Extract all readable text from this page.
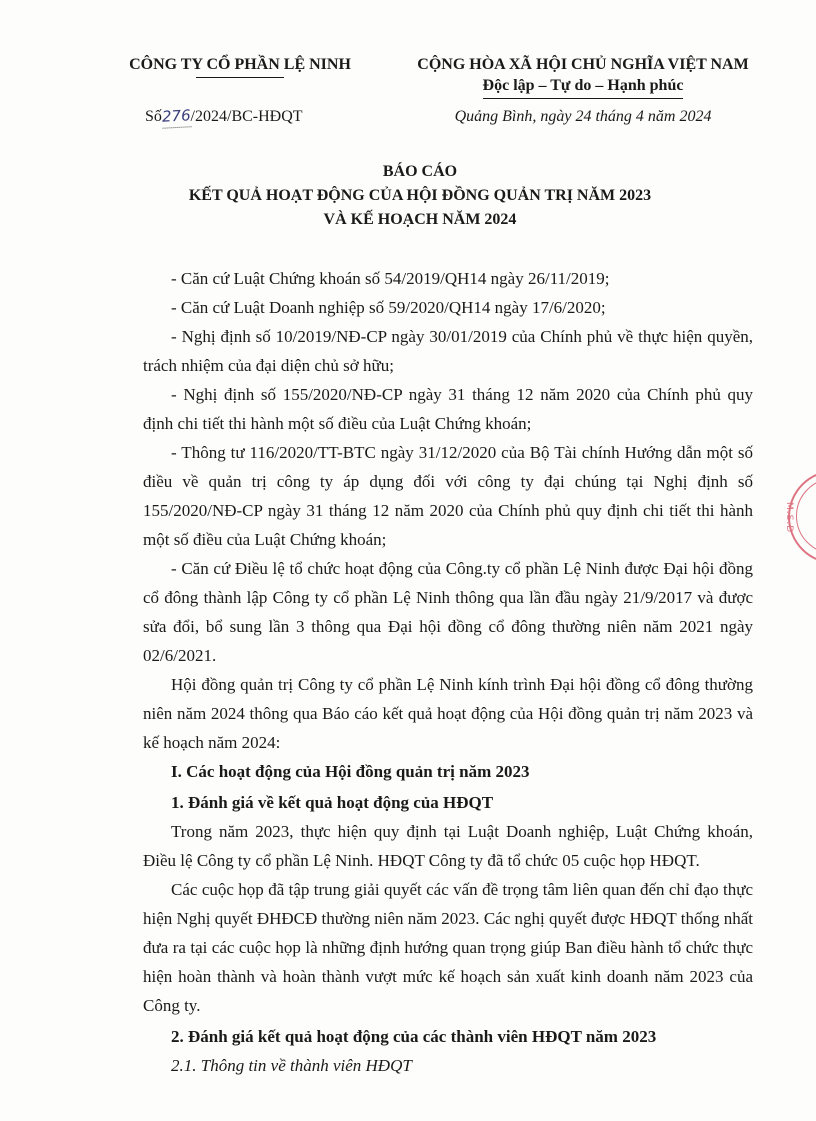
CÔNG TY CỔ PHẦN LỆ NINH	CỘNG HÒA XÃ HỘI CHỦ NGHĨA VIỆT NAM
Độc lập – Tự do – Hạnh phúc
Số276/2024/BC-HĐQT	Quảng Bình, ngày 24 tháng 4 năm 2024
BÁO CÁO
KẾT QUẢ HOẠT ĐỘNG CỦA HỘI ĐỒNG QUẢN TRỊ NĂM 2023
VÀ KẾ HOẠCH NĂM 2024

- Căn cứ Luật Chứng khoán số 54/2019/QH14 ngày 26/11/2019;

- Căn cứ Luật Doanh nghiệp số 59/2020/QH14 ngày 17/6/2020;

- Nghị định số 10/2019/NĐ-CP ngày 30/01/2019 của Chính phủ về thực hiện quyền, trách nhiệm của đại diện chủ sở hữu;

- Nghị định số 155/2020/NĐ-CP ngày 31 tháng 12 năm 2020 của Chính phủ quy định chi tiết thi hành một số điều của Luật Chứng khoán;

- Thông tư 116/2020/TT-BTC ngày 31/12/2020 của Bộ Tài chính Hướng dẫn một số điều về quản trị công ty áp dụng đối với công ty đại chúng tại Nghị định số 155/2020/NĐ-CP ngày 31 tháng 12 năm 2020 của Chính phủ quy định chi tiết thi hành một số điều của Luật Chứng khoán;

- Căn cứ Điều lệ tổ chức hoạt động của Công.ty cổ phần Lệ Ninh được Đại hội đồng cổ đông thành lập Công ty cổ phần Lệ Ninh thông qua lần đầu ngày 21/9/2017 và được sửa đổi, bổ sung lần 3 thông qua Đại hội đồng cổ đông thường niên năm 2021 ngày 02/6/2021.

Hội đồng quản trị Công ty cổ phần Lệ Ninh kính trình Đại hội đồng cổ đông thường niên năm 2024 thông qua Báo cáo kết quả hoạt động của Hội đồng quản trị năm 2023 và kế hoạch năm 2024:

I. Các hoạt động của Hội đồng quản trị năm 2023
1. Đánh giá về kết quả hoạt động của HĐQT

Trong năm 2023, thực hiện quy định tại Luật Doanh nghiệp, Luật Chứng khoán, Điều lệ Công ty cổ phần Lệ Ninh. HĐQT Công ty đã tổ chức 05 cuộc họp HĐQT.

Các cuộc họp đã tập trung giải quyết các vấn đề trọng tâm liên quan đến chỉ đạo thực hiện Nghị quyết ĐHĐCĐ thường niên năm 2023. Các nghị quyết được HĐQT thống nhất đưa ra tại các cuộc họp là những định hướng quan trọng giúp Ban điều hành tổ chức thực hiện hoàn thành và hoàn thành vượt mức kế hoạch sản xuất kinh doanh năm 2023 của Công ty.

2. Đánh giá kết quả hoạt động của các thành viên HĐQT năm 2023
2.1. Thông tin về thành viên HĐQT
M.S.D
